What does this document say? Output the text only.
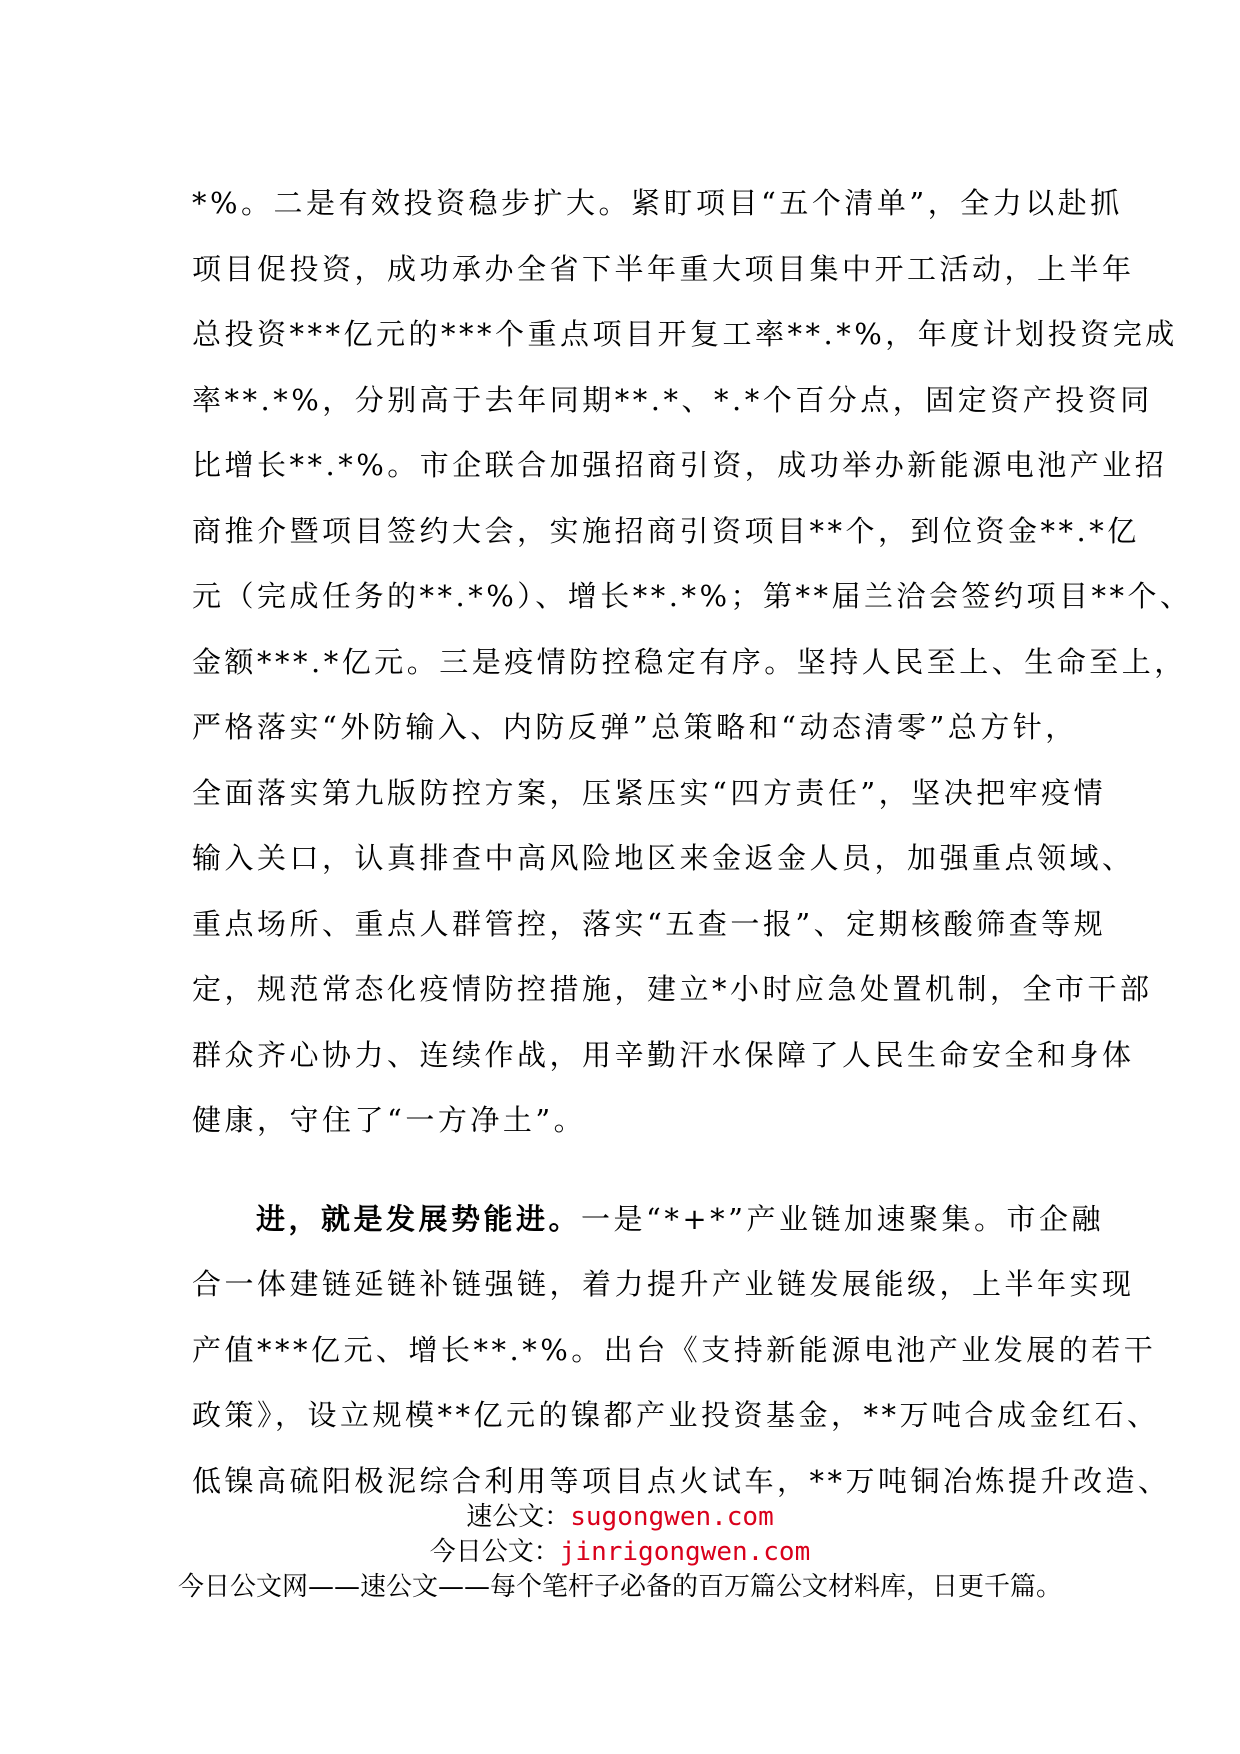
*%。二是有效投资稳步扩大。紧盯项目“五个清单”，全力以赴抓
项目促投资，成功承办全省下半年重大项目集中开工活动，上半年
总投资***亿元的***个重点项目开复工率**.*%，年度计划投资完成
率**.*%，分别高于去年同期**.*、*.*个百分点，固定资产投资同
比增长**.*%。市企联合加强招商引资，成功举办新能源电池产业招
商推介暨项目签约大会，实施招商引资项目**个，到位资金**.*亿
元（完成任务的**.*%）、增长**.*%；第**届兰洽会签约项目**个、
金额***.*亿元。三是疫情防控稳定有序。坚持人民至上、生命至上，
严格落实“外防输入、内防反弹”总策略和“动态清零”总方针，
全面落实第九版防控方案，压紧压实“四方责任”，坚决把牢疫情
输入关口，认真排查中高风险地区来金返金人员，加强重点领域、
重点场所、重点人群管控，落实“五查一报”、定期核酸筛查等规
定，规范常态化疫情防控措施，建立*小时应急处置机制，全市干部
群众齐心协力、连续作战，用辛勤汗水保障了人民生命安全和身体
健康，守住了“一方净土”。
进，就是发展势能进。一是“*+*”产业链加速聚集。市企融
合一体建链延链补链强链，着力提升产业链发展能级，上半年实现
产值***亿元、增长**.*%。出台《支持新能源电池产业发展的若干
政策》，设立规模**亿元的镍都产业投资基金，**万吨合成金红石、
低镍高硫阳极泥综合利用等项目点火试车，**万吨铜冶炼提升改造、
速公文：sugongwen.com
今日公文：jinrigongwen.com
今日公文网——速公文——每个笔杆子必备的百万篇公文材料库，日更千篇。
